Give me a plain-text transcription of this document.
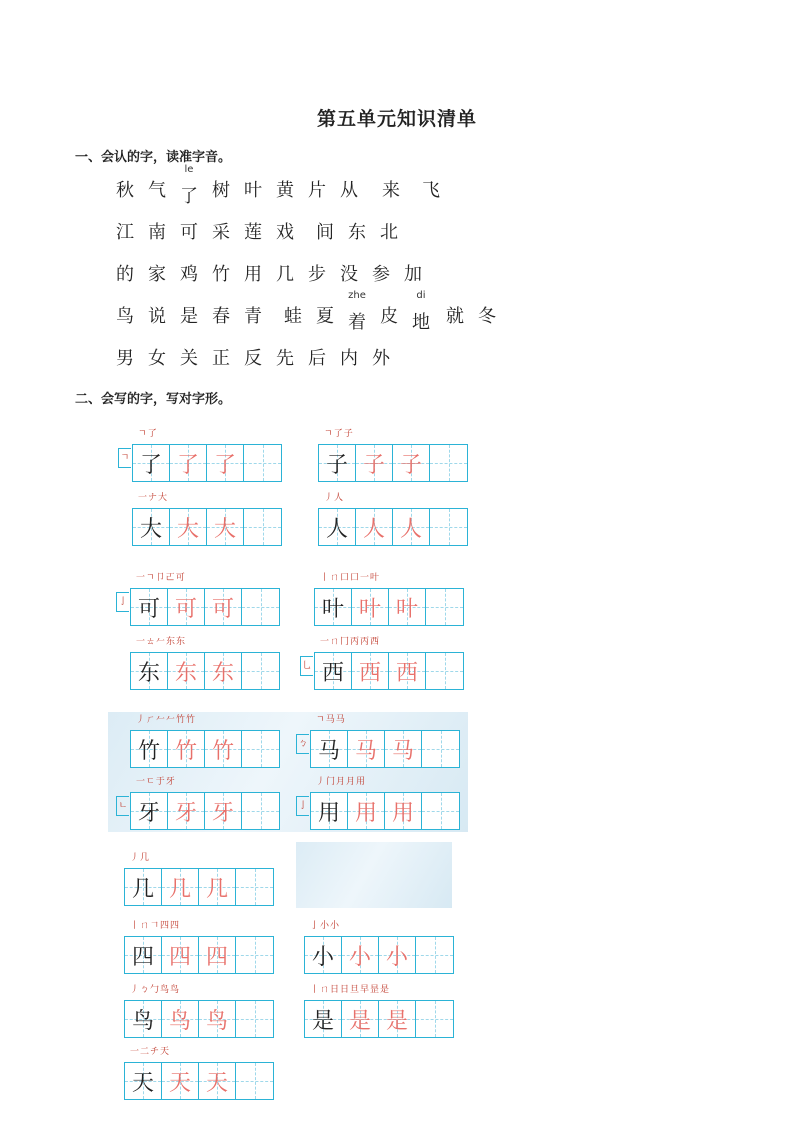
第五单元知识清单
一、会认的字，读准字音。
秋 气 了
le
树 叶 黄 片 从 来 飞
江 南 可 采 莲 戏 间 东 北
的 家 鸡 竹 用 几 步 没 参 加
鸟 说 是 春 青 蛙 夏 着
zhe
皮 地
di
就 冬
男 女 关 正 反 先 后 内 外
二、会写的字，写对字形。
ㄱ了
ㄱ 了 了 了
ㄱ了子
子 子 子
一ナ大
大 大 大
丿人
人 人 人
一ㄱ卩𠀀可
亅 可 可 可
丨ㄇ口口一叶
叶 叶 叶
一ㄊ𠂉东东
东 东 东
一ㄇ冂丙丙西
乚 西 西 西
丿ㄏ𠂉𠂉竹竹
竹 竹 竹
ㄱ马马
ㄅ 马 马 马
一ㄷ于牙
ㄴ 牙 牙 牙
丿门月月用
亅 用 用 用
丿几
几 几 几
丨ㄇ𠃍四四
四 四 四
亅小小
小 小 小
丿ㄅ勹鸟鸟
鸟 鸟 鸟
丨ㄇ日日旦早昰是
是 是 是
一二チ天
天 天 天
